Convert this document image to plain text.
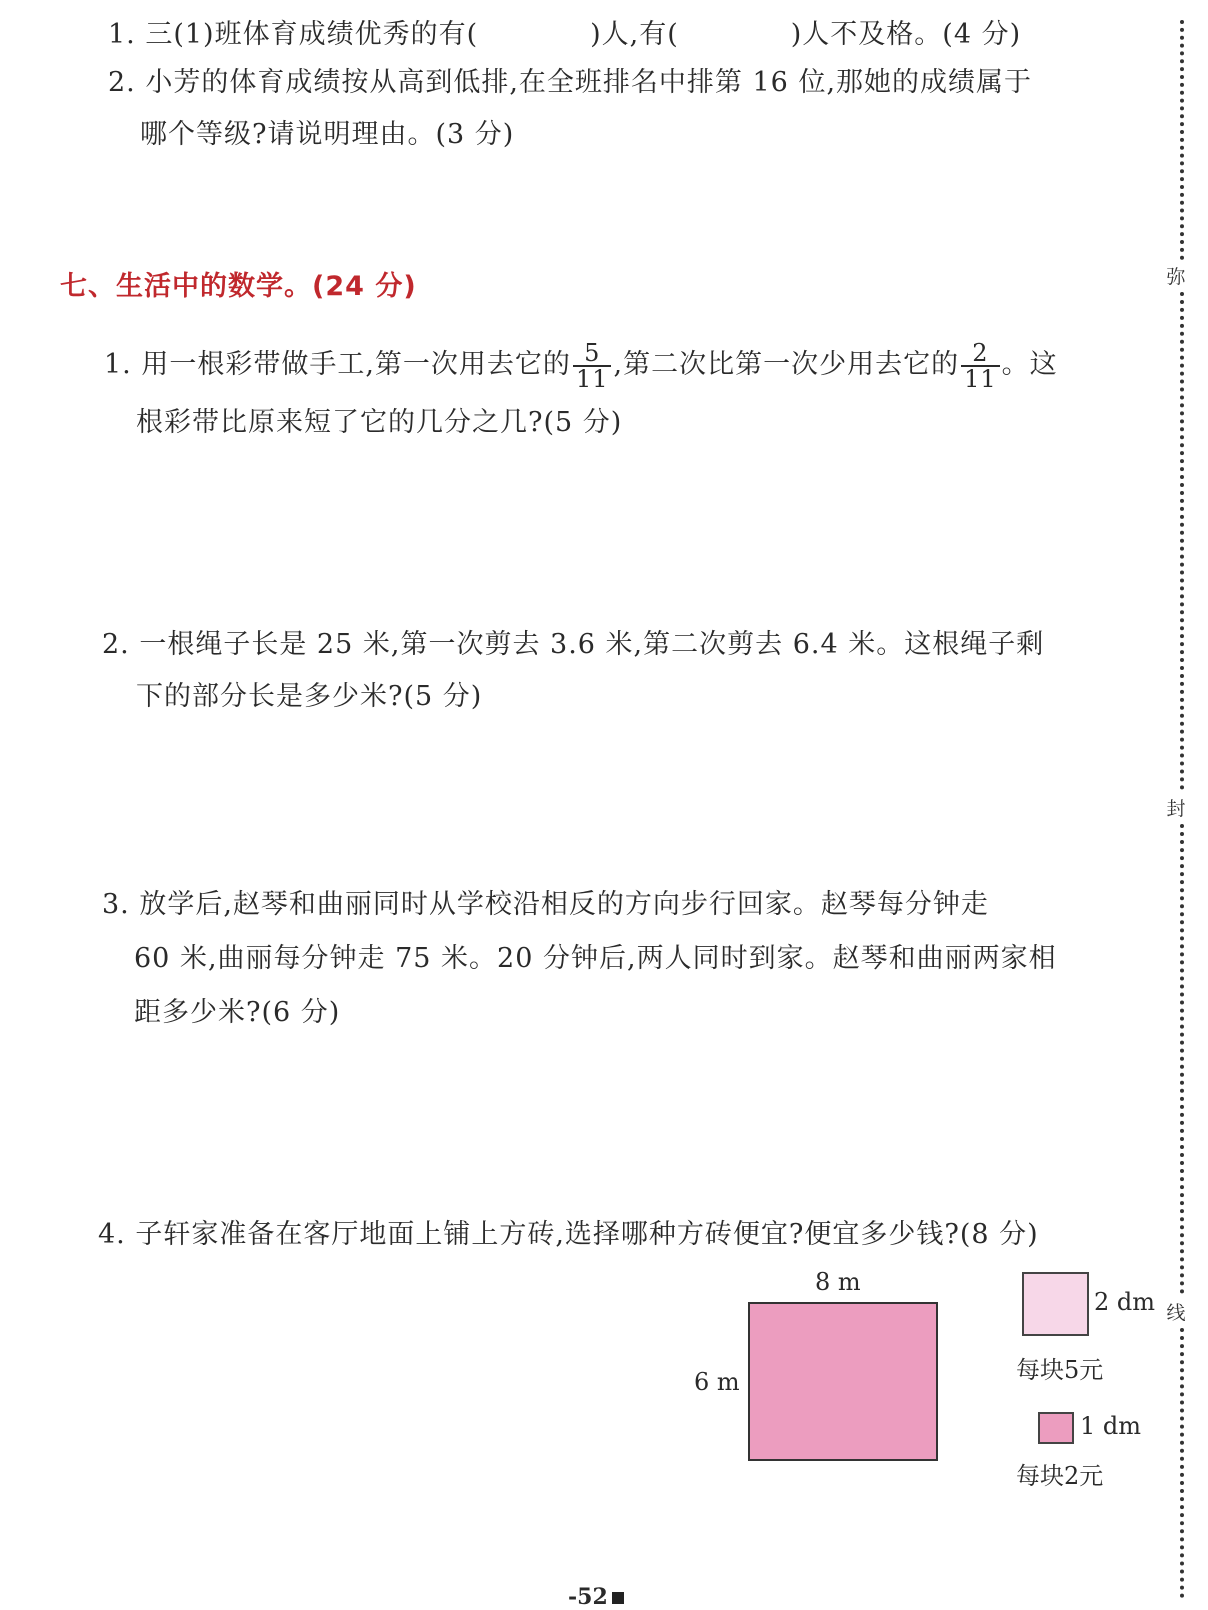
1. 三(1)班体育成绩优秀的有(　　　　)人,有(　　　　)人不及格。(4 分)
2. 小芳的体育成绩按从高到低排,在全班排名中排第 16 位,那她的成绩属于
哪个等级?请说明理由。(3 分)
七、生活中的数学。(24 分)
1. 用一根彩带做手工,第一次用去它的 $\frac{5}{11}$ ,第二次比第一次少用去它的 $\frac{2}{11}$ 。这
根彩带比原来短了它的几分之几?(5 分)
2. 一根绳子长是 25 米,第一次剪去 3.6 米,第二次剪去 6.4 米。这根绳子剩
下的部分长是多少米?(5 分)
3. 放学后,赵琴和曲丽同时从学校沿相反的方向步行回家。赵琴每分钟走
60 米,曲丽每分钟走 75 米。20 分钟后,两人同时到家。赵琴和曲丽两家相
距多少米?(6 分)
4. 子轩家准备在客厅地面上铺上方砖,选择哪种方砖便宜?便宜多少钱?(8 分)
8 m
6 m
2 dm
每块5元
1 dm
每块2元
弥
封
线
-52
